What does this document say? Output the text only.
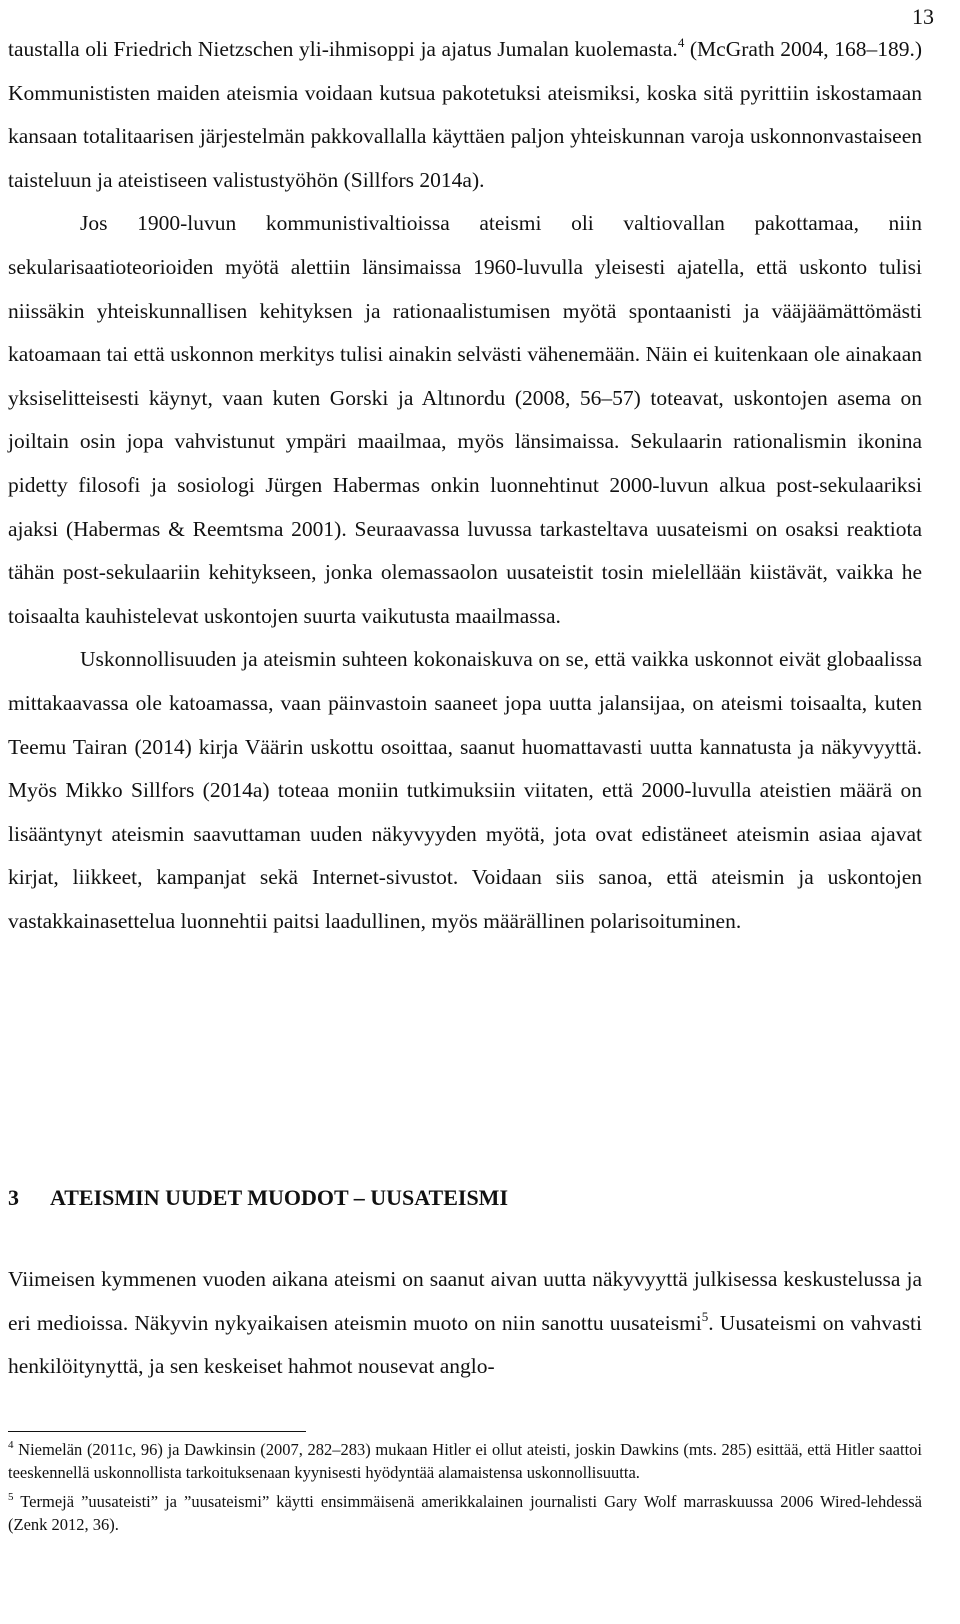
13

taustalla oli Friedrich Nietzschen yli-ihmisoppi ja ajatus Jumalan kuolemasta.$^4$ (McGrath 2004, 168–189.) Kommunististen maiden ateismia voidaan kutsua pakotetuksi ateismiksi, koska sitä pyrittiin iskostamaan kansaan totalitaarisen järjestelmän pakkovallalla käyttäen paljon yhteiskunnan varoja uskonnonvastaiseen taisteluun ja ateistiseen valistustyöhön (Sillfors 2014a).

Jos 1900-luvun kommunistivaltioissa ateismi oli valtiovallan pakottamaa, niin sekularisaatioteorioiden myötä alettiin länsimaissa 1960-luvulla yleisesti ajatella, että uskonto tulisi niissäkin yhteiskunnallisen kehityksen ja rationaalistumisen myötä spontaanisti ja vääjäämättömästi katoamaan tai että uskonnon merkitys tulisi ainakin selvästi vähenemään. Näin ei kuitenkaan ole ainakaan yksiselitteisesti käynyt, vaan kuten Gorski ja Altınordu (2008, 56–57) toteavat, uskontojen asema on joiltain osin jopa vahvistunut ympäri maailmaa, myös länsimaissa. Sekulaarin rationalismin ikonina pidetty filosofi ja sosiologi Jürgen Habermas onkin luonnehtinut 2000-luvun alkua post-sekulaariksi ajaksi (Habermas & Reemtsma 2001). Seuraavassa luvussa tarkasteltava uusateismi on osaksi reaktiota tähän post-sekulaariin kehitykseen, jonka olemassaolon uusateistit tosin mielellään kiistävät, vaikka he toisaalta kauhistelevat uskontojen suurta vaikutusta maailmassa.

Uskonnollisuuden ja ateismin suhteen kokonaiskuva on se, että vaikka uskonnot eivät globaalissa mittakaavassa ole katoamassa, vaan päinvastoin saaneet jopa uutta jalansijaa, on ateismi toisaalta, kuten Teemu Tairan (2014) kirja Väärin uskottu osoittaa, saanut huomattavasti uutta kannatusta ja näkyvyyttä. Myös Mikko Sillfors (2014a) toteaa moniin tutkimuksiin viitaten, että 2000-luvulla ateistien määrä on lisääntynyt ateismin saavuttaman uuden näkyvyyden myötä, jota ovat edistäneet ateismin asiaa ajavat kirjat, liikkeet, kampanjat sekä Internet-sivustot. Voidaan siis sanoa, että ateismin ja uskontojen vastakkainasettelua luonnehtii paitsi laadullinen, myös määrällinen polarisoituminen.

3 ATEISMIN UUDET MUODOT – UUSATEISMI

Viimeisen kymmenen vuoden aikana ateismi on saanut aivan uutta näkyvyyttä julkisessa keskustelussa ja eri medioissa. Näkyvin nykyaikaisen ateismin muoto on niin sanottu uusateismi$^5$. Uusateismi on vahvasti henkilöitynyttä, ja sen keskeiset hahmot nousevat anglo-

$^4$ Niemelän (2011c, 96) ja Dawkinsin (2007, 282–283) mukaan Hitler ei ollut ateisti, joskin Dawkins (mts. 285) esittää, että Hitler saattoi teeskennellä uskonnollista tarkoituksenaan kyynisesti hyödyntää alamaistensa uskonnollisuutta.

$^5$ Termejä ”uusateisti” ja ”uusateismi” käytti ensimmäisenä amerikkalainen journalisti Gary Wolf marraskuussa 2006 Wired-lehdessä (Zenk 2012, 36).
